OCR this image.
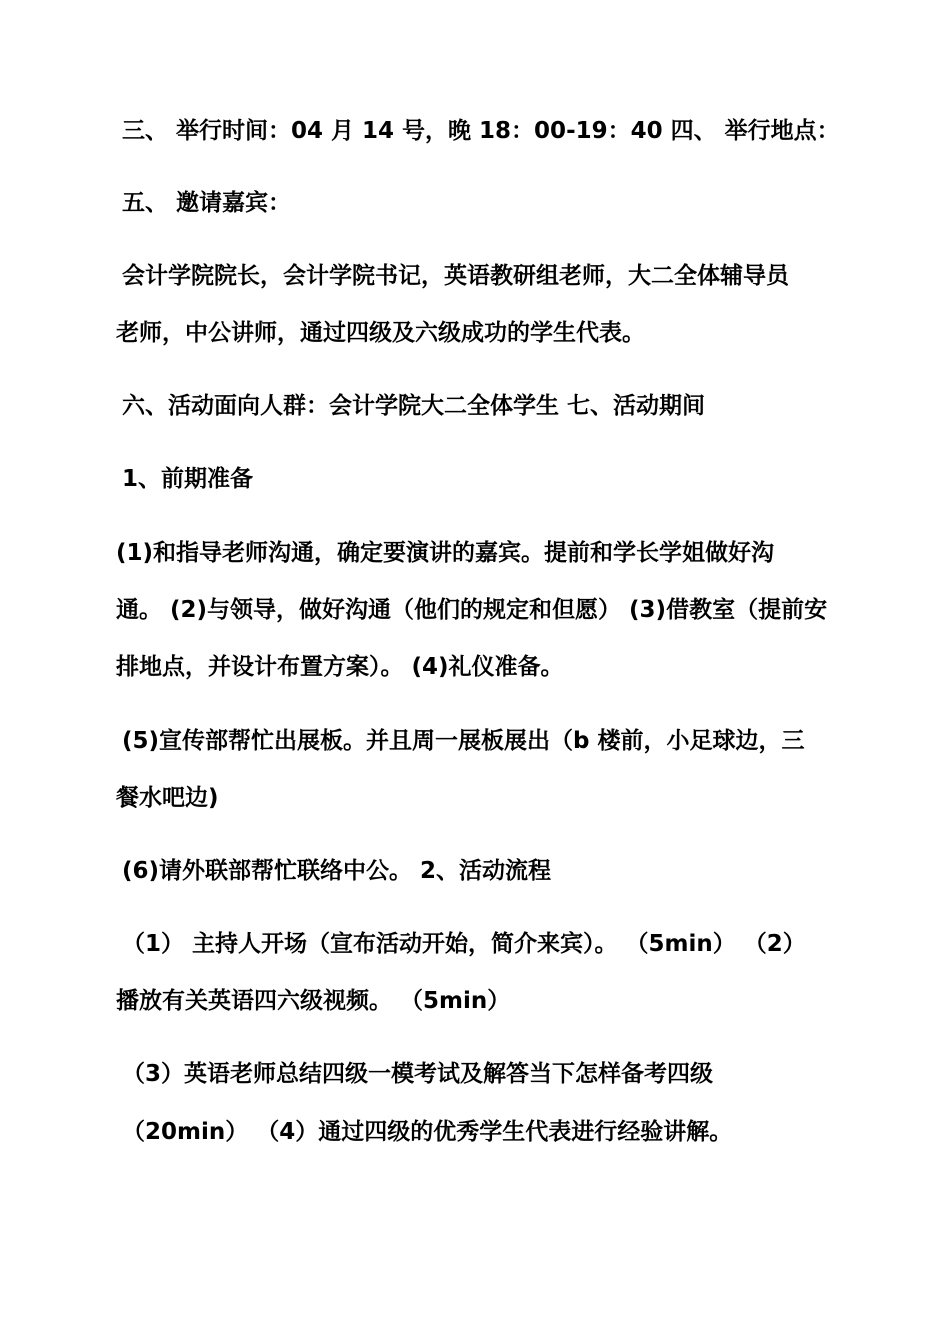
三、 举行时间：04 月 14 号，晚 18：00-19：40 四、 举行地点：
五、 邀请嘉宾：
会计学院院长，会计学院书记，英语教研组老师，大二全体辅导员
老师，中公讲师，通过四级及六级成功的学生代表。
六、活动面向人群：会计学院大二全体学生 七、活动期间
1、前期准备
(1)和指导老师沟通，确定要演讲的嘉宾。提前和学长学姐做好沟
通。 (2)与领导，做好沟通（他们的规定和但愿） (3)借教室（提前安
排地点，并设计布置方案）。 (4)礼仪准备。
(5)宣传部帮忙出展板。并且周一展板展出（b 楼前，小足球边，三
餐水吧边)
(6)请外联部帮忙联络中公。 2、活动流程
（1） 主持人开场（宣布活动开始，简介来宾）。 （5min） （2）
播放有关英语四六级视频。 （5min）
（3）英语老师总结四级一模考试及解答当下怎样备考四级
（20min） （4）通过四级的优秀学生代表进行经验讲解。
